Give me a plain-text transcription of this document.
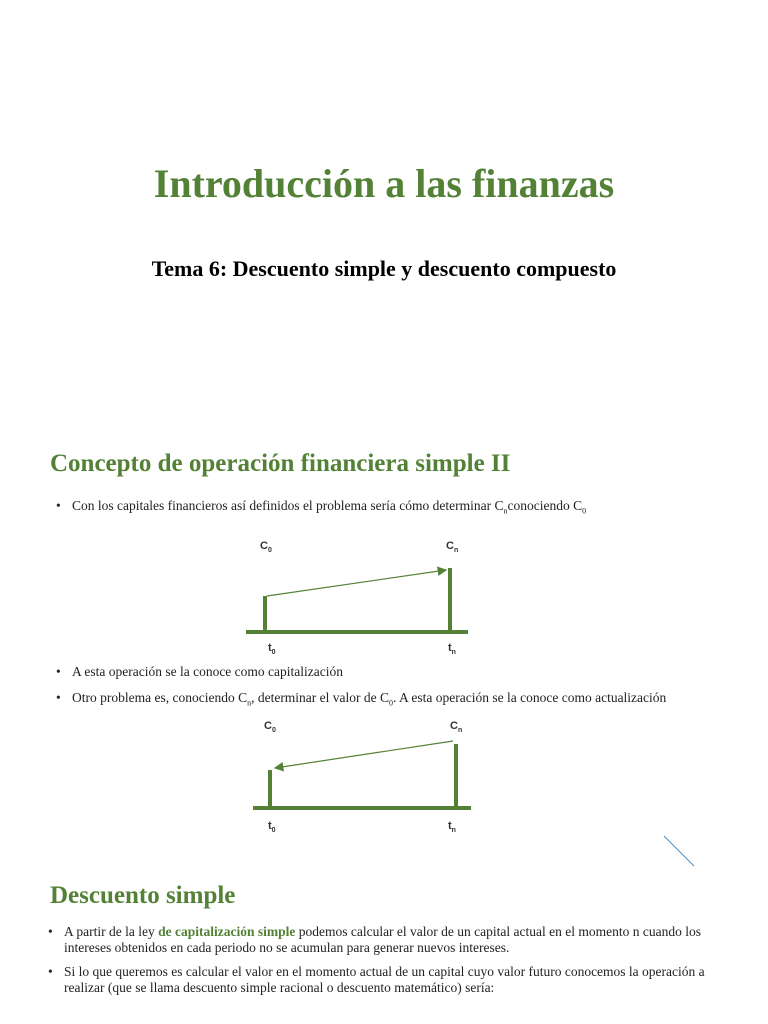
Introducción a las finanzas
Tema 6: Descuento simple y descuento compuesto
Concepto de operación financiera simple II
• Con los capitales financieros así definidos el problema sería cómo determinar $C_nconociendo$ $C_0$
$C_0$	$C_n$
$t_0$	$t_n$
• A esta operación se la conoce como capitalización
• Otro problema es, conociendo $C_n$, determinar el valor de $C_0$. A esta operación se la conoce como actualización
$C_0$	$C_n$
$t_0$	$t_n$
Descuento simple
• A partir de la ley de capitalización simple podemos calcular el valor de un capital actual en el momento n cuando los intereses obtenidos en cada periodo no se acumulan para generar nuevos intereses.
• Si lo que queremos es calcular el valor en el momento actual de un capital cuyo valor futuro conocemos la operación a realizar (que se llama descuento simple racional o descuento matemático) sería:
